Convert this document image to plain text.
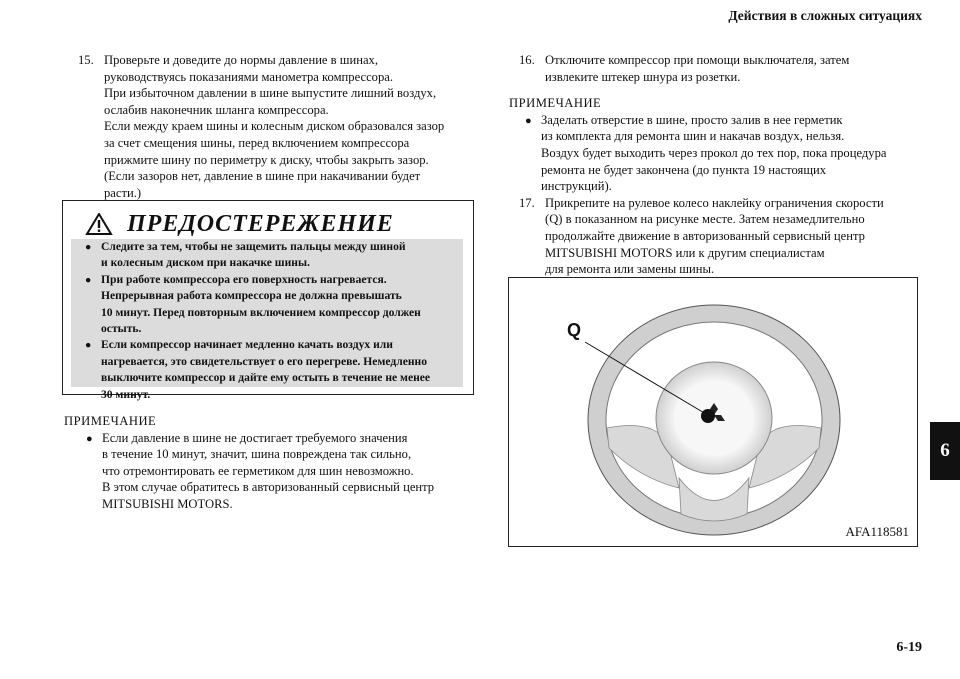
Действия в сложных ситуациях
15. Проверьте и доведите до нормы давление в шинах,

руководствуясь показаниями манометра компрессора.

При избыточном давлении в шине выпустите лишний воздух,

ослабив наконечник шланга компрессора.

Если между краем шины и колесным диском образовался зазор

за счет смещения шины, перед включением компрессора

прижмите шину по периметру к диску, чтобы закрыть зазор.

(Если зазоров нет, давление в шине при накачивании будет

расти.)

ПРЕДОСТЕРЕЖЕНИЕ
● Следите за тем, чтобы не защемить пальцы между шиной

и колесным диском при накачке шины.

● При работе компрессора его поверхность нагревается.

Непрерывная работа компрессора не должна превышать

10 минут. Перед повторным включением компрессор должен

остыть.

● Если компрессор начинает медленно качать воздух или

нагревается, это свидетельствует о его перегреве. Немедленно

выключите компрессор и дайте ему остыть в течение не менее

30 минут.

ПРИМЕЧАНИЕ
● Если давление в шине не достигает требуемого значения

в течение 10 минут, значит, шина повреждена так сильно,

что отремонтировать ее герметиком для шин невозможно.

В этом случае обратитесь в авторизованный сервисный центр

MITSUBISHI MOTORS.

16. Отключите компрессор при помощи выключателя, затем

извлеките штекер шнура из розетки.

ПРИМЕЧАНИЕ
● Заделать отверстие в шине, просто залив в нее герметик

из комплекта для ремонта шин и накачав воздух, нельзя.

Воздух будет выходить через прокол до тех пор, пока процедура

ремонта не будет закончена (до пункта 19 настоящих

инструкций).

17. Прикрепите на рулевое колесо наклейку ограничения скорости

(Q) в показанном на рисунке месте. Затем незамедлительно

продолжайте движение в авторизованный сервисный центр

MITSUBISHI MOTORS или к другим специалистам

для ремонта или замены шины.

Q
AFA118581
6
6-19
